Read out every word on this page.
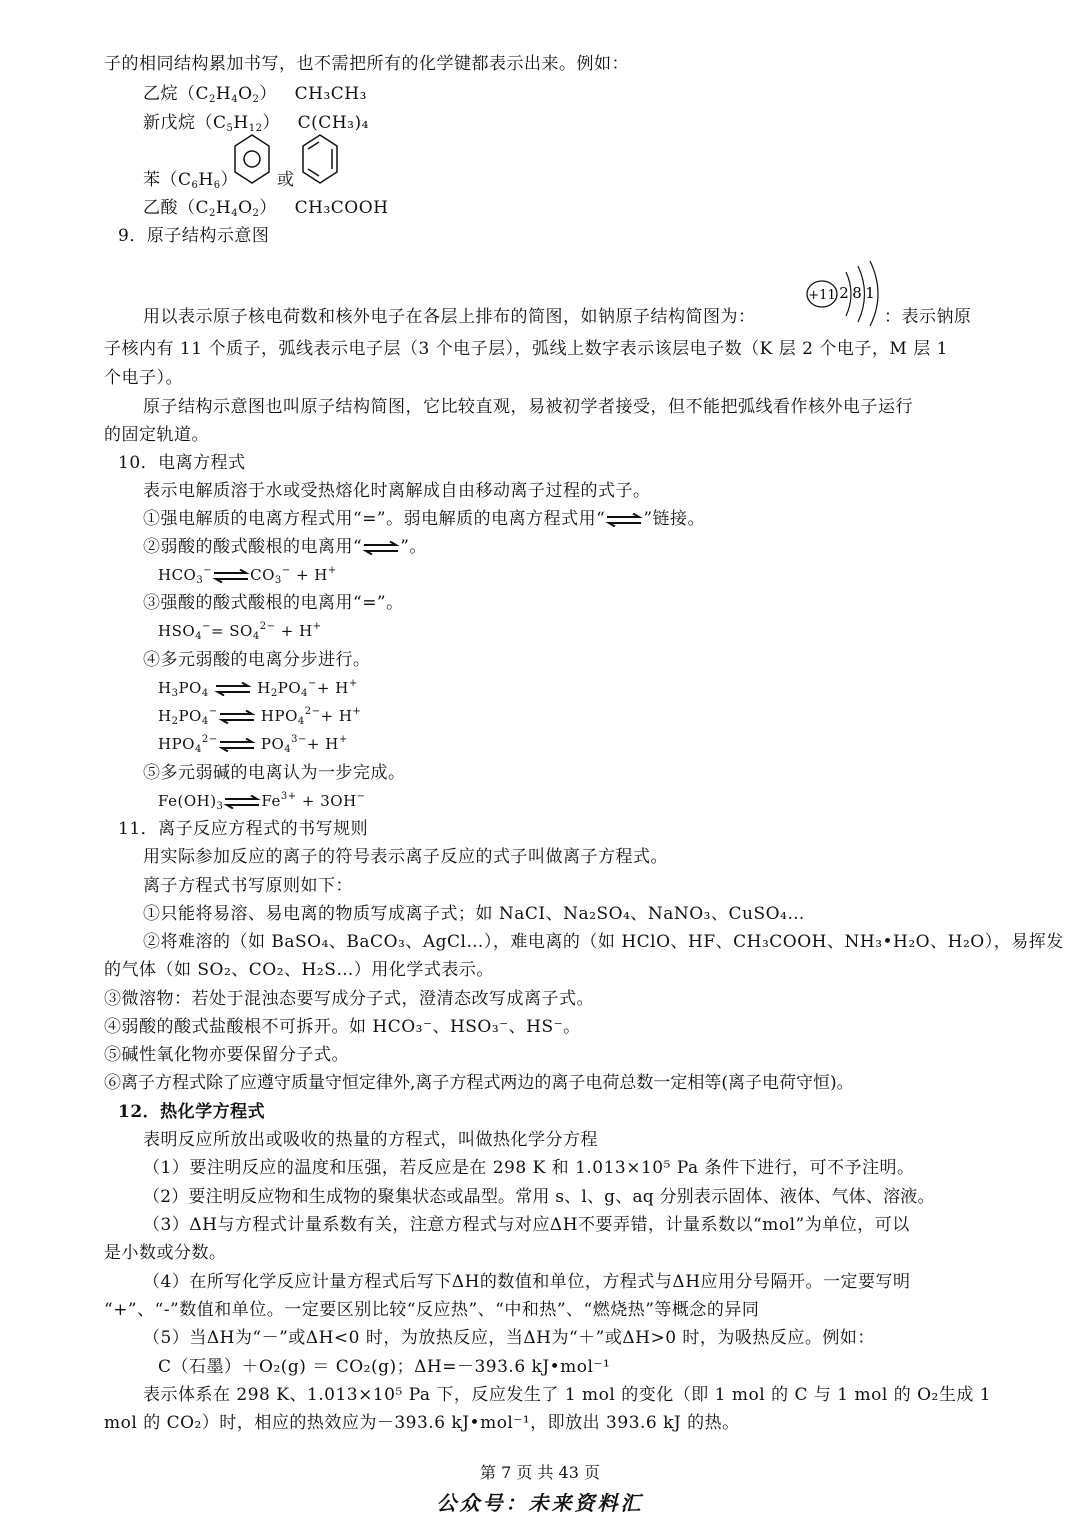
子的相同结构累加书写，也不需把所有的化学键都表示出来。例如：
乙烷$(C_2H_4O_2)$   CH₃CH₃
新戊烷$(C_5H_{12})$   C(CH₃)₄
苯$(C_6H_6)$ 或
乙酸$(C_2H_4O_2)$   CH₃COOH
9．原子结构示意图
+11 2 8 1
用以表示原子核电荷数和核外电子在各层上排布的简图，如钠原子结构简图为：	：表示钠原
子核内有 11 个质子，弧线表示电子层（3 个电子层），弧线上数字表示该层电子数（K 层 2 个电子，M 层 1
个电子）。
原子结构示意图也叫原子结构简图，它比较直观，易被初学者接受，但不能把弧线看作核外电子运行
的固定轨道。
10．电离方程式
表示电解质溶于水或受热熔化时离解成自由移动离子过程的式子。
①强电解质的电离方程式用“=”。弱电解质的电离方程式用“⇌”链接。
②弱酸的酸式酸根的电离用“⇌”。
$HCO_3^-\rightleftharpoons CO_3^- + H^+$
③强酸的酸式酸根的电离用“=”。
$HSO_4^-= SO_4^{2-} + H^+$
④多元弱酸的电离分步进行。
$H_3PO_4$ ⇌ $H_2PO_4^-+ H^+$
$H_2PO_4^-\rightleftharpoons$ $HPO_4^{2-}+ H^+$
$HPO_4^{2-}\rightleftharpoons$ $PO_4^{3-}+ H^+$
⑤多元弱碱的电离认为一步完成。
$Fe(OH)_3\rightleftharpoons Fe^{3+} + 3OH^-$
11．离子反应方程式的书写规则
用实际参加反应的离子的符号表示离子反应的式子叫做离子方程式。
离子方程式书写原则如下：
①只能将易溶、易电离的物质写成离子式；如 NaCI、Na₂SO₄、NaNO₃、CuSO₄…
②将难溶的（如 BaSO₄、BaCO₃、AgCl…），难电离的（如 HClO、HF、CH₃COOH、NH₃•H₂O、H₂O），易挥发
的气体（如 SO₂、CO₂、H₂S…）用化学式表示。
③微溶物：若处于混浊态要写成分子式，澄清态改写成离子式。
④弱酸的酸式盐酸根不可拆开。如 HCO₃⁻、HSO₃⁻、HS⁻。
⑤碱性氧化物亦要保留分子式。
⑥离子方程式除了应遵守质量守恒定律外,离子方程式两边的离子电荷总数一定相等(离子电荷守恒)。
12．热化学方程式
表明反应所放出或吸收的热量的方程式，叫做热化学分方程
（1）要注明反应的温度和压强，若反应是在 298 K 和 1.013×10⁵ Pa 条件下进行，可不予注明。
（2）要注明反应物和生成物的聚集状态或晶型。常用 s、l、g、aq 分别表示固体、液体、气体、溶液。
（3）ΔH与方程式计量系数有关，注意方程式与对应ΔH不要弄错，计量系数以“mol”为单位，可以
是小数或分数。
（4）在所写化学反应计量方程式后写下ΔH的数值和单位，方程式与ΔH应用分号隔开。一定要写明
“+”、“-”数值和单位。一定要区别比较“反应热”、“中和热”、“燃烧热”等概念的异同
（5）当ΔH为“－”或ΔH<0 时，为放热反应，当ΔH为“＋”或ΔH>0 时，为吸热反应。例如：
C（石墨）＋O₂(g) ＝ CO₂(g)；ΔH=－393.6 kJ•mol⁻¹
表示体系在 298 K、1.013×10⁵ Pa 下，反应发生了 1 mol 的变化（即 1 mol 的 C 与 1 mol 的 O₂生成 1
mol 的 CO₂）时，相应的热效应为－393.6 kJ•mol⁻¹，即放出 393.6 kJ 的热。
第 7 页 共 43 页
公众号：未来资料汇
